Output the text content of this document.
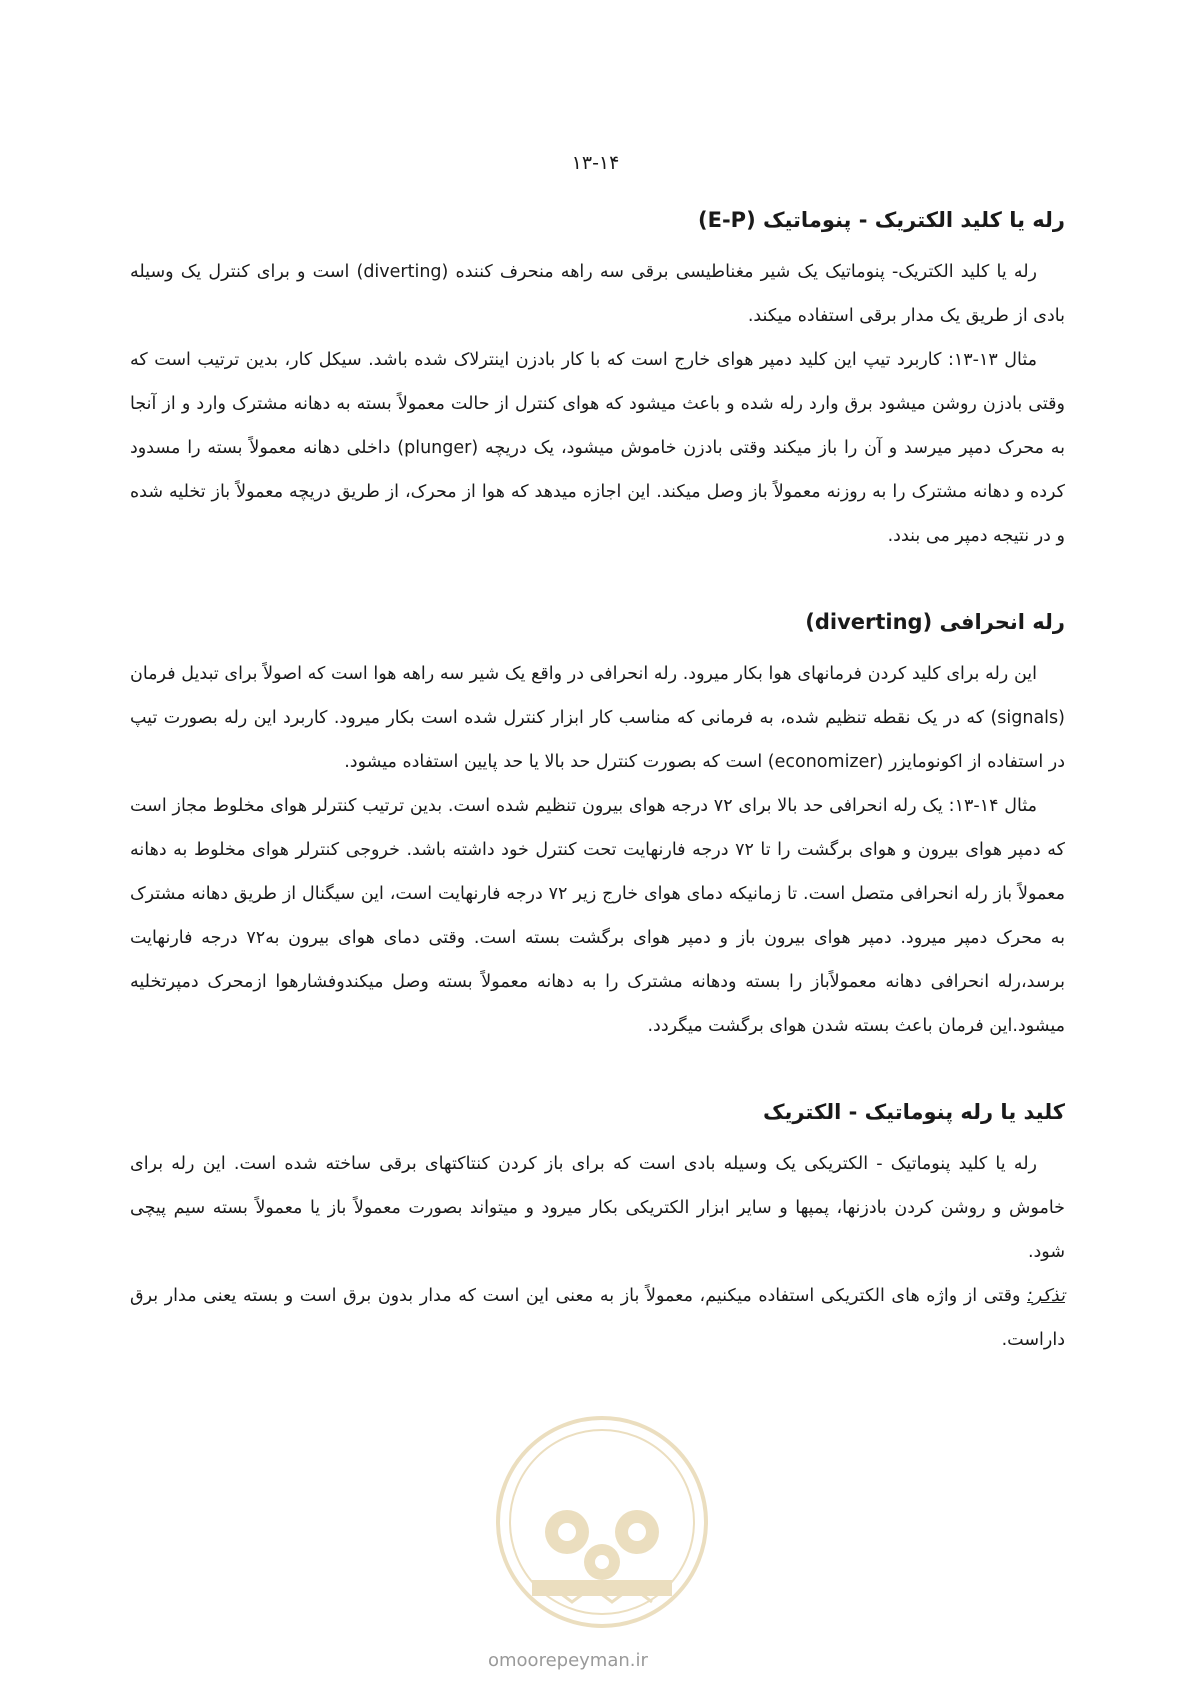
۱۳-۱۴
رله یا کلید الکتریک - پنوماتیک (E-P)

رله یا کلید الکتریک- پنوماتیک یک شیر مغناطیسی برقی سه راهه منحرف کننده (diverting) است و برای کنترل یک وسیله بادی از طریق یک مدار برقی استفاده میکند.

مثال ۱۳-۱۳: کاربرد تیپ این کلید دمپر هوای خارج است که با کار بادزن اینترلاک شده باشد. سیکل کار، بدین ترتیب است که وقتی بادزن روشن میشود برق وارد رله شده و باعث میشود که هوای کنترل از حالت معمولاً بسته به دهانه مشترک وارد و از آنجا به محرک دمپر میرسد و آن را باز میکند وقتی بادزن خاموش میشود، یک دریچه (plunger) داخلی دهانه معمولاً بسته را مسدود کرده و دهانه مشترک را به روزنه معمولاً باز وصل میکند. این اجازه میدهد که هوا از محرک، از طریق دریچه معمولاً باز تخلیه شده و در نتیجه دمپر می بندد.

رله انحرافی (diverting)

این رله برای کلید کردن فرمانهای هوا بکار میرود. رله انحرافی در واقع یک شیر سه راهه هوا است که اصولاً برای تبدیل فرمان (signals) که در یک نقطه تنظیم شده، به فرمانی که مناسب کار ابزار کنترل شده است بکار میرود. کاربرد این رله بصورت تیپ در استفاده از اکونومایزر (economizer) است که بصورت کنترل حد بالا یا حد پایین استفاده میشود.

مثال ۱۴-۱۳: یک رله انحرافی حد بالا برای ۷۲ درجه هوای بیرون تنظیم شده است. بدین ترتیب کنترلر هوای مخلوط مجاز است که دمپر هوای بیرون و هوای برگشت را تا ۷۲ درجه فارنهایت تحت کنترل خود داشته باشد. خروجی کنترلر هوای مخلوط به دهانه معمولاً باز رله انحرافی متصل است. تا زمانیکه دمای هوای خارج زیر ۷۲ درجه فارنهایت است، این سیگنال از طریق دهانه مشترک به محرک دمپر میرود. دمپر هوای بیرون باز و دمپر هوای برگشت بسته است. وقتی دمای هوای بیرون به۷۲ درجه فارنهایت برسد،رله انحرافی دهانه معمولاًباز را بسته ودهانه مشترک را به دهانه معمولاً بسته وصل میکندوفشارهوا ازمحرک دمپرتخلیه میشود.این فرمان باعث بسته شدن هوای برگشت میگردد.

کلید یا رله پنوماتیک - الکتریک

رله یا کلید پنوماتیک - الکتریکی یک وسیله بادی است که برای باز کردن کنتاکتهای برقی ساخته شده است. این رله برای خاموش و روشن کردن بادزنها، پمپها و سایر ابزار الکتریکی بکار میرود و میتواند بصورت معمولاً باز یا معمولاً بسته سیم پیچی شود.

تذکر: وقتی از واژه های الکتریکی استفاده میکنیم، معمولاً باز به معنی این است که مدار بدون برق است و بسته یعنی مدار برق داراست.

omoorepeyman.ir
